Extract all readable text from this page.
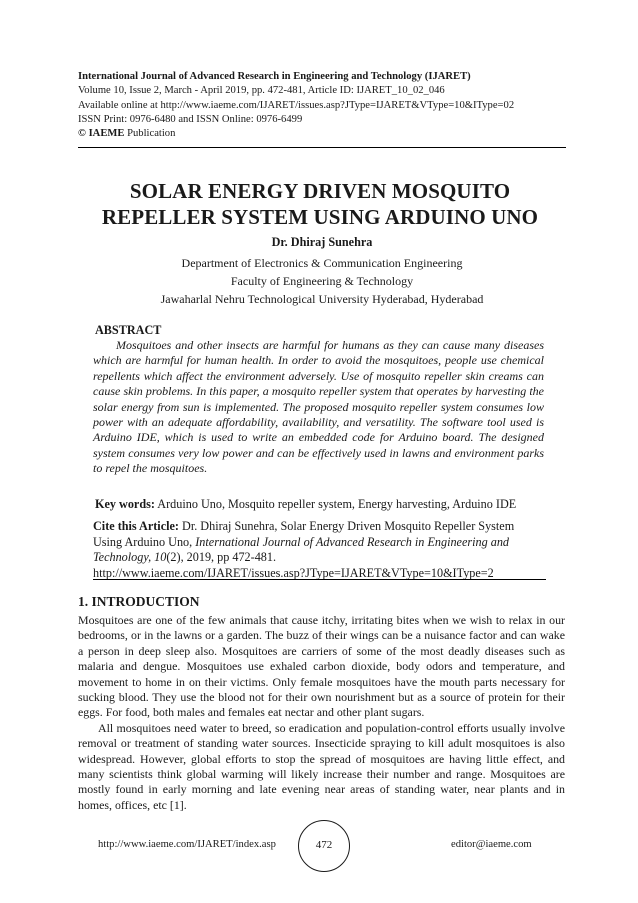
International Journal of Advanced Research in Engineering and Technology (IJARET)
Volume 10, Issue 2, March - April 2019, pp. 472-481, Article ID: IJARET_10_02_046
Available online at http://www.iaeme.com/IJARET/issues.asp?JType=IJARET&VType=10&IType=02
ISSN Print: 0976-6480 and ISSN Online: 0976-6499
© IAEME Publication
SOLAR ENERGY DRIVEN MOSQUITO
REPELLER SYSTEM USING ARDUINO UNO
Dr. Dhiraj Sunehra
Department of Electronics & Communication Engineering
Faculty of Engineering & Technology
Jawaharlal Nehru Technological University Hyderabad, Hyderabad
ABSTRACT
Mosquitoes and other insects are harmful for humans as they can cause many diseases which are harmful for human health. In order to avoid the mosquitoes, people use chemical repellents which affect the environment adversely. Use of mosquito repeller skin creams can cause skin problems. In this paper, a mosquito repeller system that operates by harvesting the solar energy from sun is implemented. The proposed mosquito repeller system consumes low power with an adequate affordability, availability, and versatility. The software tool used is Arduino IDE, which is used to write an embedded code for Arduino board. The designed system consumes very low power and can be effectively used in lawns and environment parks to repel the mosquitoes.
Key words: Arduino Uno, Mosquito repeller system, Energy harvesting, Arduino IDE
Cite this Article: Dr. Dhiraj Sunehra, Solar Energy Driven Mosquito Repeller System Using Arduino Uno, International Journal of Advanced Research in Engineering and Technology, 10(2), 2019, pp 472-481.
http://www.iaeme.com/IJARET/issues.asp?JType=IJARET&VType=10&IType=2
1. INTRODUCTION

Mosquitoes are one of the few animals that cause itchy, irritating bites when we wish to relax in our bedrooms, or in the lawns or a garden. The buzz of their wings can be a nuisance factor and can wake a person in deep sleep also. Mosquitoes are carriers of some of the most deadly diseases such as malaria and dengue. Mosquitoes use exhaled carbon dioxide, body odors and temperature, and movement to home in on their victims. Only female mosquitoes have the mouth parts necessary for sucking blood. They use the blood not for their own nourishment but as a source of protein for their eggs. For food, both males and females eat nectar and other plant sugars.

All mosquitoes need water to breed, so eradication and population-control efforts usually involve removal or treatment of standing water sources. Insecticide spraying to kill adult mosquitoes is also widespread. However, global efforts to stop the spread of mosquitoes are having little effect, and many scientists think global warming will likely increase their number and range. Mosquitoes are mostly found in early morning and late evening near areas of standing water, near plants and in homes, offices, etc [1].

http://www.iaeme.com/IJARET/index.asp	472	editor@iaeme.com
